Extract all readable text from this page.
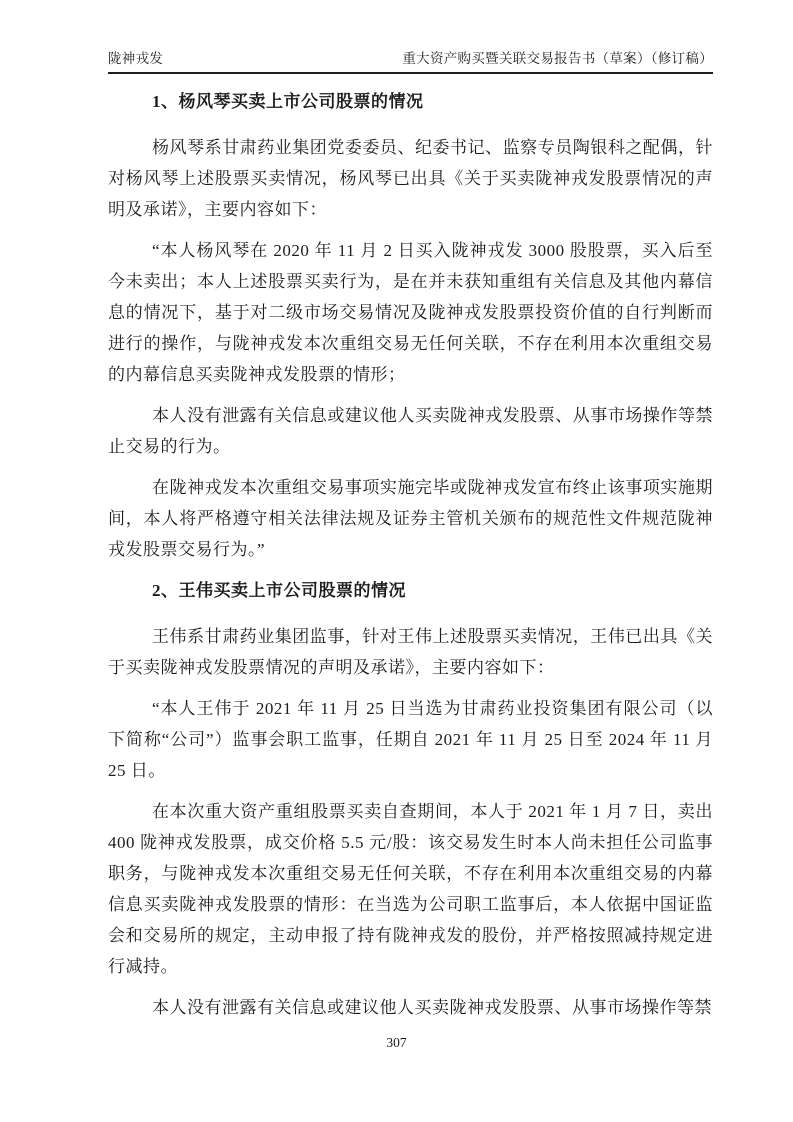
陇神戎发	重大资产购买暨关联交易报告书（草案）（修订稿）
1、杨风琴买卖上市公司股票的情况

杨风琴系甘肃药业集团党委委员、纪委书记、监察专员陶银科之配偶，针对杨风琴上述股票买卖情况，杨风琴已出具《关于买卖陇神戎发股票情况的声明及承诺》，主要内容如下：

“本人杨风琴在 2020 年 11 月 2 日买入陇神戎发 3000 股股票，买入后至今未卖出；本人上述股票买卖行为，是在并未获知重组有关信息及其他内幕信息的情况下，基于对二级市场交易情况及陇神戎发股票投资价值的自行判断而进行的操作，与陇神戎发本次重组交易无任何关联，不存在利用本次重组交易的内幕信息买卖陇神戎发股票的情形；

本人没有泄露有关信息或建议他人买卖陇神戎发股票、从事市场操作等禁止交易的行为。

在陇神戎发本次重组交易事项实施完毕或陇神戎发宣布终止该事项实施期间，本人将严格遵守相关法律法规及证券主管机关颁布的规范性文件规范陇神戎发股票交易行为。”

2、王伟买卖上市公司股票的情况

王伟系甘肃药业集团监事，针对王伟上述股票买卖情况，王伟已出具《关于买卖陇神戎发股票情况的声明及承诺》，主要内容如下：

“本人王伟于 2021 年 11 月 25 日当选为甘肃药业投资集团有限公司（以下简称“公司”）监事会职工监事，任期自 2021 年 11 月 25 日至 2024 年 11 月 25 日。

在本次重大资产重组股票买卖自查期间，本人于 2021 年 1 月 7 日，卖出 400 陇神戎发股票，成交价格 5.5 元/股：该交易发生时本人尚未担任公司监事职务，与陇神戎发本次重组交易无任何关联，不存在利用本次重组交易的内幕信息买卖陇神戎发股票的情形：在当选为公司职工监事后，本人依据中国证监会和交易所的规定，主动申报了持有陇神戎发的股份，并严格按照减持规定进行减持。

本人没有泄露有关信息或建议他人买卖陇神戎发股票、从事市场操作等禁

307
